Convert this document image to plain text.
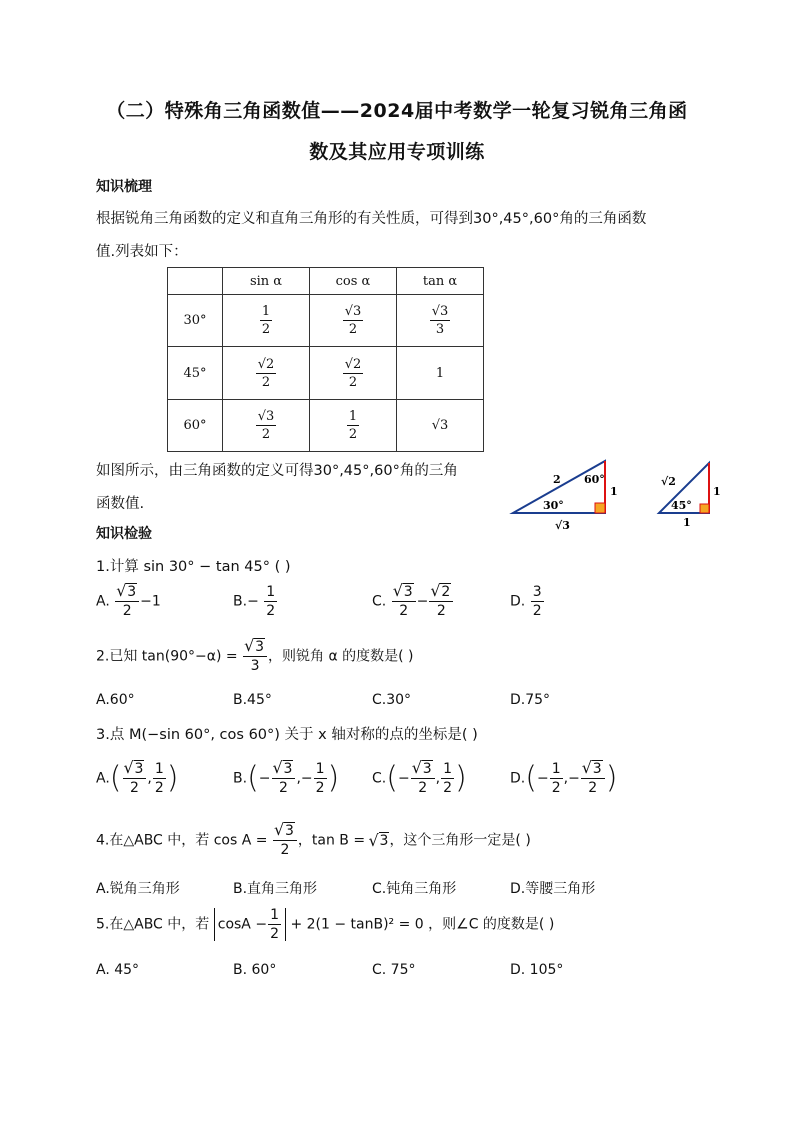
（二）特殊角三角函数值——2024届中考数学一轮复习锐角三角函
数及其应用专项训练
知识梳理
根据锐角三角函数的定义和直角三角形的有关性质，可得到30°,45°,60°角的三角函数
值.列表如下：
	sin α	cos α	tan α
30°	$\frac{1}{2}$	$\frac{√3}{2}$	$\frac{√3}{3}$

45°	$\frac{√2}{2}$	$\frac{√2}{2}$	1
60°	$\frac{√3}{2}$	$\frac{1}{2}$	√3
如图所示，由三角函数的定义可得30°,45°,60°角的三角
函数值.
2 60°
1
30°
√3
√2
45°
1
1
知识检验
1.计算 sin 30° − tan 45° ( )
A. √ $\frac{3}{2} -1$	$B.- \frac{1}{2}$	C. √ $\frac{3}{2}$ − √ $\frac{2}{2}$	D. $\frac{3}{2}$
2.已知 tan(90°−α) = √ $\frac{3}{3}$ ，则锐角 α 的度数是( )
A.60°	B.45°	C.30°	D.75°
3.点 M(−sin 60°, cos 60°) 关于 x 轴对称的点的坐标是( )
A.( √ $\frac{3}{2}$ , $\frac{1}{2}$ )	B.(− √ $\frac{3}{2}$ ,− $\frac{1}{2}$ ) C.(− √ $\frac{3}{2}$ , $\frac{1}{2}$ )	$D.(- \frac{1}{2}$ ,− √ $\frac{3}{2}$ )
4.在△ABC 中，若 cos A = √ $\frac{3}{2}$ ，tan B = √ 3，这个三角形一定是( )
A.锐角三角形	B.直角三角形	C.钝角三角形	D.等腰三角形
5.在△ABC 中，若 $\cos A - \frac{1}{2} + 2(1 - \tan B)^2 = 0$ ，则∠C 的度数是( )
A. 45°	B. 60°	C. 75°	D. 105°
